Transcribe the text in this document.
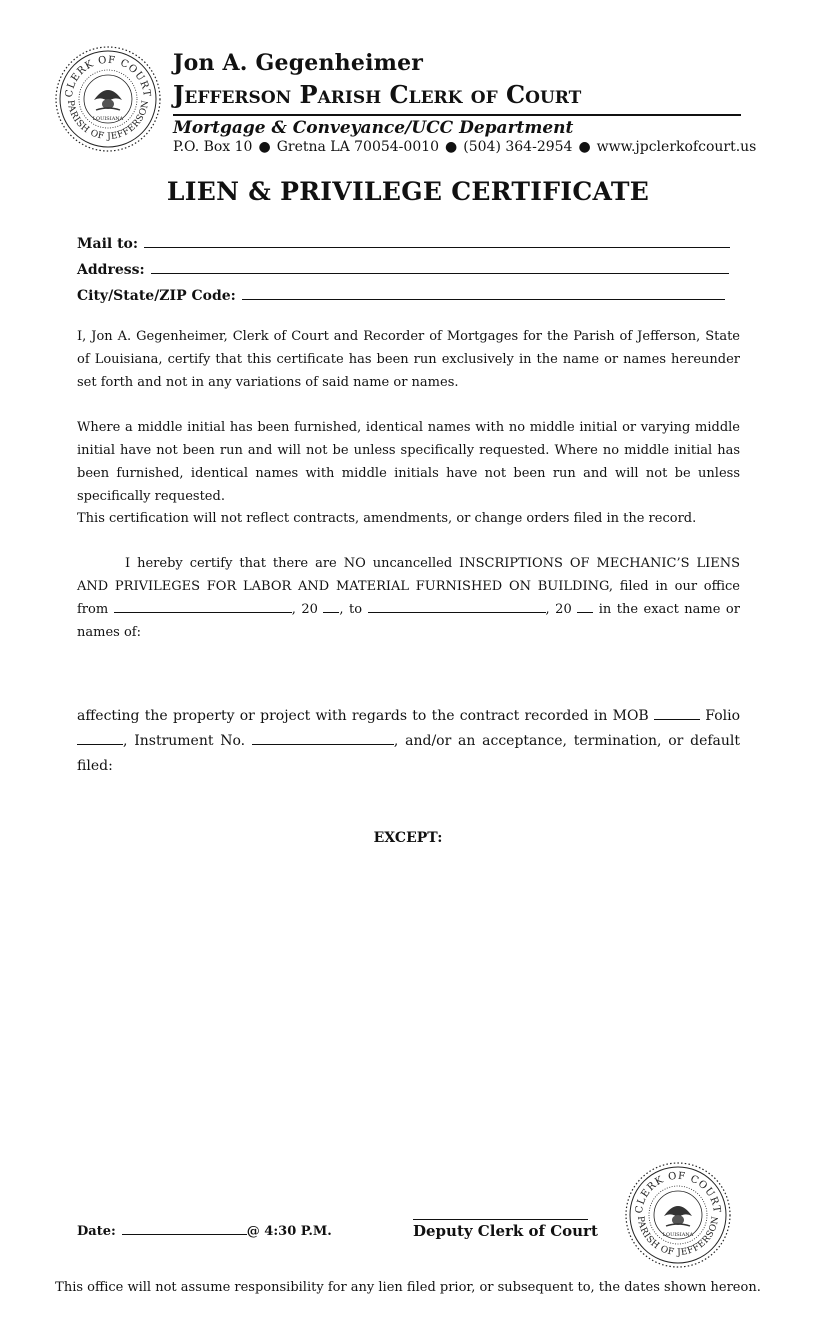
CLERK OF COURT
PARISH OF JEFFERSON
LOUISIANA
Jon A. Gegenheimer
Jefferson Parish Clerk of Court
Mortgage & Conveyance/UCC Department
P.O. Box 10 ● Gretna LA 70054-0010 ● (504) 364-2954 ● www.jpclerkofcourt.us
LIEN & PRIVILEGE CERTIFICATE
Mail to:
Address:
City/State/ZIP Code:
I, Jon A. Gegenheimer, Clerk of Court and Recorder of Mortgages for the Parish of Jefferson, State of Louisiana, certify that this certificate has been run exclusively in the name or names hereunder set forth and not in any variations of said name or names.
Where a middle initial has been furnished, identical names with no middle initial or varying middle initial have not been run and will not be unless specifically requested. Where no middle initial has been furnished, identical names with middle initials have not been run and will not be unless specifically requested.
This certification will not reflect contracts, amendments, or change orders filed in the record.
I hereby certify that there are NO uncancelled INSCRIPTIONS OF MECHANIC’S LIENS AND PRIVILEGES FOR LABOR AND MATERIAL FURNISHED ON BUILDING, filed in our office from	, 20 , to	, 20 in the exact name or names of:
affecting the property or project with regards to the contract recorded in MOB	Folio , Instrument No.	, and/or an acceptance, termination, or default filed:
EXCEPT:
Date:	@ 4:30 P.M.	Deputy Clerk of Court
CLERK OF COURT
PARISH OF JEFFERSON
LOUISIANA
This office will not assume responsibility for any lien filed prior, or subsequent to, the dates shown hereon.
